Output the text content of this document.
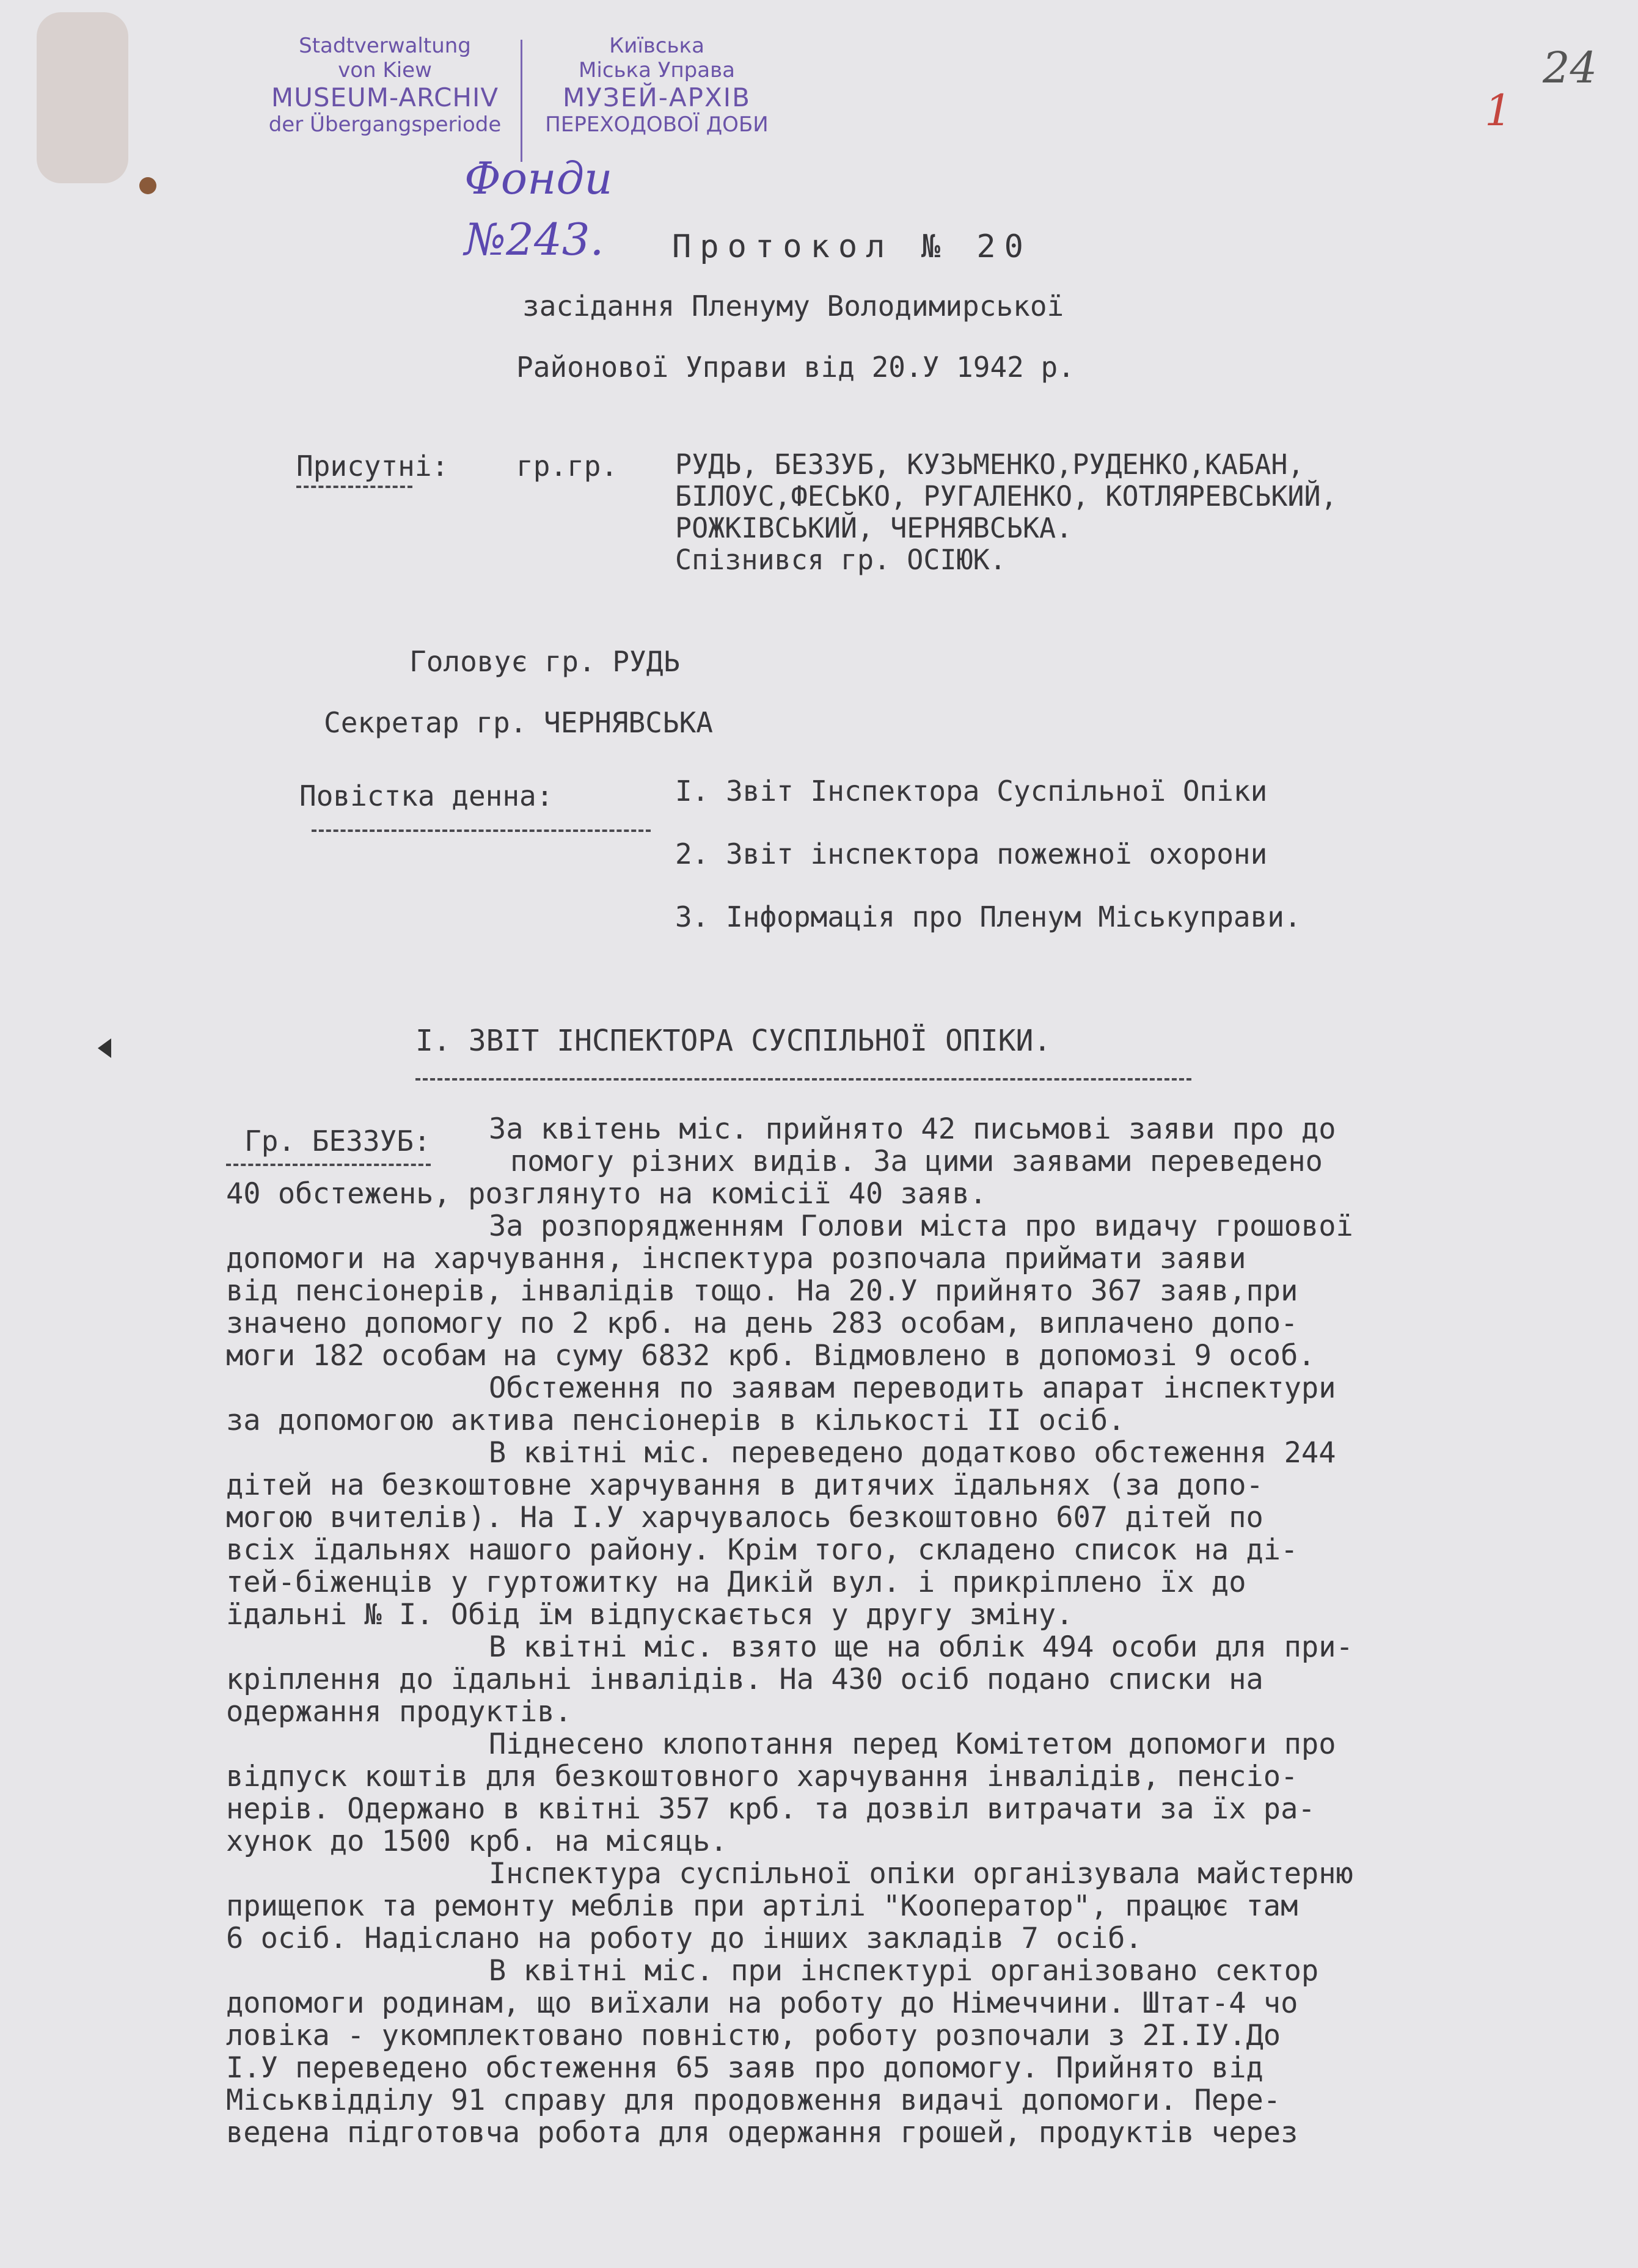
Stadtverwaltung
von Kiew
MUSEUM-ARCHIV
der Übergangsperiode
Київська
Міська Управа
МУЗЕЙ-АРХІВ
ПЕРЕХОДОВОЇ ДОБИ
24
1
Фонди
№243. Протокол № 20
засідання Пленуму Володимирської
Районової Управи від 20.У 1942 р.
Присутні: гр.гр. РУДЬ, БЕЗЗУБ, КУЗЬМЕНКО,РУДЕНКО,КАБАН,
БІЛОУС,ФЕСЬКО, РУГАЛЕНКО, КОТЛЯРЕВСЬКИЙ,
РОЖКІВСЬКИЙ, ЧЕРНЯВСЬКА.
Спізнився гр. ОСІЮК.
Головує гр. РУДЬ
Секретар гр. ЧЕРНЯВСЬКА
Повістка денна:	I. Звіт Інспектора Суспільної Опіки
2. Звіт інспектора пожежної охорони
3. Інформація про Пленум Міськуправи.
I. ЗВІТ ІНСПЕКТОРА СУСПІЛЬНОЇ ОПІКИ.
Гр. БЕЗЗУБ: За квітень міс. прийнято 42 письмові заяви про до
помогу різних видів. За цими заявами переведено
40 обстежень, розглянуто на комісії 40 заяв.
За розпорядженням Голови міста про видачу грошової
допомоги на харчування, інспектура розпочала приймати заяви
від пенсіонерів, інвалідів тощо. На 20.У прийнято 367 заяв,при
значено допомогу по 2 крб. на день 283 особам, виплачено допо-
моги 182 особам на суму 6832 крб. Відмовлено в допомозі 9 особ.
Обстеження по заявам переводить апарат інспектури
за допомогою актива пенсіонерів в кількості II осіб.
В квітні міс. переведено додатково обстеження 244
дітей на безкоштовне харчування в дитячих їдальнях (за допо-
могою вчителів). На I.У харчувалось безкоштовно 607 дітей по
всіх їдальнях нашого району. Крім того, складено список на ді-
тей-біженців у гуртожитку на Дикій вул. і прикріплено їх до
їдальні № I. Обід їм відпускається у другу зміну.
В квітні міс. взято ще на облік 494 особи для при-
кріплення до їдальні інвалідів. На 430 осіб подано списки на
одержання продуктів.
Піднесено клопотання перед Комітетом допомоги про
відпуск коштів для безкоштовного харчування інвалідів, пенсіо-
нерів. Одержано в квітні 357 крб. та дозвіл витрачати за їх ра-
хунок до 1500 крб. на місяць.
Інспектура суспільної опіки організувала майстерню
прищепок та ремонту меблів при артілі "Кооператор", працює там
6 осіб. Надіслано на роботу до інших закладів 7 осіб.
В квітні міс. при інспектурі організовано сектор
допомоги родинам, що виїхали на роботу до Німеччини. Штат-4 чо
ловіка - укомплектовано повністю, роботу розпочали з 2I.IУ.До
I.У переведено обстеження 65 заяв про допомогу. Прийнято від
Міськвідділу 91 справу для продовження видачі допомоги. Пере-
ведена підготовча робота для одержання грошей, продуктів через
